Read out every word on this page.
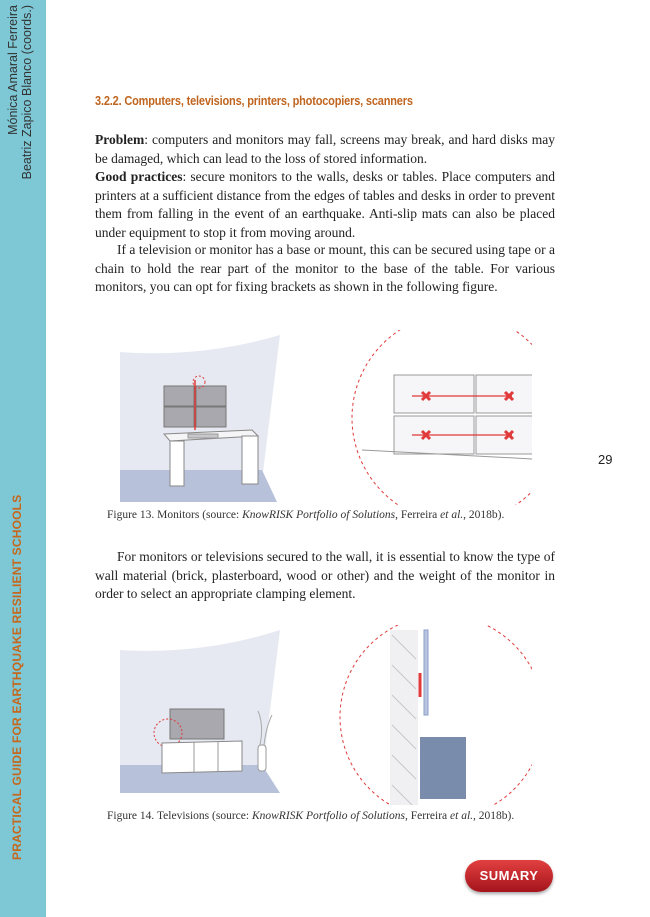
Mónica Amaral Ferreira Beatriz Zapico Blanco (coords.)
PRACTICAL GUIDE FOR EARTHQUAKE RESILIENT SCHOOLS
29
3.2.2. Computers, televisions, printers, photocopiers, scanners

Problem: computers and monitors may fall, screens may break, and hard disks may be damaged, which can lead to the loss of stored information.

Good practices: secure monitors to the walls, desks or tables. Place computers and printers at a sufficient distance from the edges of tables and desks in order to prevent them from falling in the event of an earthquake. Anti-slip mats can also be placed under equipment to stop it from moving around.

If a television or monitor has a base or mount, this can be secured using tape or a chain to hold the rear part of the monitor to the base of the table. For various monitors, you can opt for fixing brackets as shown in the following figure.

Figure 13. Monitors (source: KnowRISK Portfolio of Solutions, Ferreira et al., 2018b).

For monitors or televisions secured to the wall, it is essential to know the type of wall material (brick, plasterboard, wood or other) and the weight of the monitor in order to select an appropriate clamping element.

Figure 14. Televisions (source: KnowRISK Portfolio of Solutions, Ferreira et al., 2018b).
SUMARY
